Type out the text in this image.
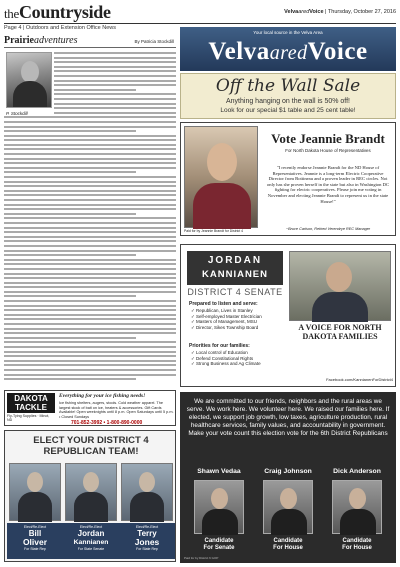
theCountryside	VelvaaredVoice | Thursday, October 27, 2016
Page 4 | Outdoors and Extension Office News
Prairieadventures	By Patricia Stockdill
P. Stockdill
DAKOTA
TACKLE
Fly-Tying Supplies · Minot, ND
Everything for your ice fishing needs!
Ice fishing shelters, augers, stools. Cold weather apparel. The largest stock of bait on ice, heaters & accessories. Gift Cards Available! Open weeknights until 8 p.m. Open Saturdays until 5 p.m. • Closed Sundays
701-852-3992 • 1-800-890-0000
ELECT YOUR DISTRICT 4 REPUBLICAN TEAM!
Elect/Re-Elect
Bill
Oliver
For State Rep
Elect/Re-Elect
Jordan
Kannianen
For State Senate
Elect/Re-Elect
Terry
Jones
For State Rep
Your local source in the Velva Area
VelvaaredVoice
Off the Wall Sale
Anything hanging on the wall is 50% off!
Look for our special $1 table and 25 cent table!
Paid for by Jeannie Brandt for District 4
Vote Jeannie Brandt
For North Dakota House of Representatives
"I recently endorse Jeannie Brandt for the ND House of Representatives. Jeannie is a long-term Electric Cooperative Director from Bottineau and a proven leader in REC circles. Not only has she proven herself in the state but also in Washington DC fighting for electric cooperatives. Please join me voting in November and electing Jeannie Brandt to represent us in the state House!"
~Bruce Carlson, Retired Verendrye REC Manager
JORDAN
KANNIANEN
DISTRICT 4 SENATE
A VOICE FOR NORTH DAKOTA FAMILIES
Prepared to listen and serve:
✓ Republican, Lives in Stanley
✓ Self-employed Master Electrician
✓ Masters of Management, MSU
✓ Director, Sikes Township Board
Priorities for our families:
✓ Local control of Education
✓ Defend Constitutional Rights
✓ Strong Business and Ag Climate
Facebook.com/KannianenForDistrict4
We are committed to our friends, neighbors and the rural areas we serve. We work here. We volunteer here. We raised our families here. If elected, we support job growth, low taxes, agriculture production, rural healthcare services, family values, and accountability in government. Make your vote count this election vote for the 6th District Republicans
Shawn Vedaa	Craig Johnson	Dick Anderson
Candidate
For Senate
Candidate
For House
Candidate
For House
Paid for by District 6 GOP
